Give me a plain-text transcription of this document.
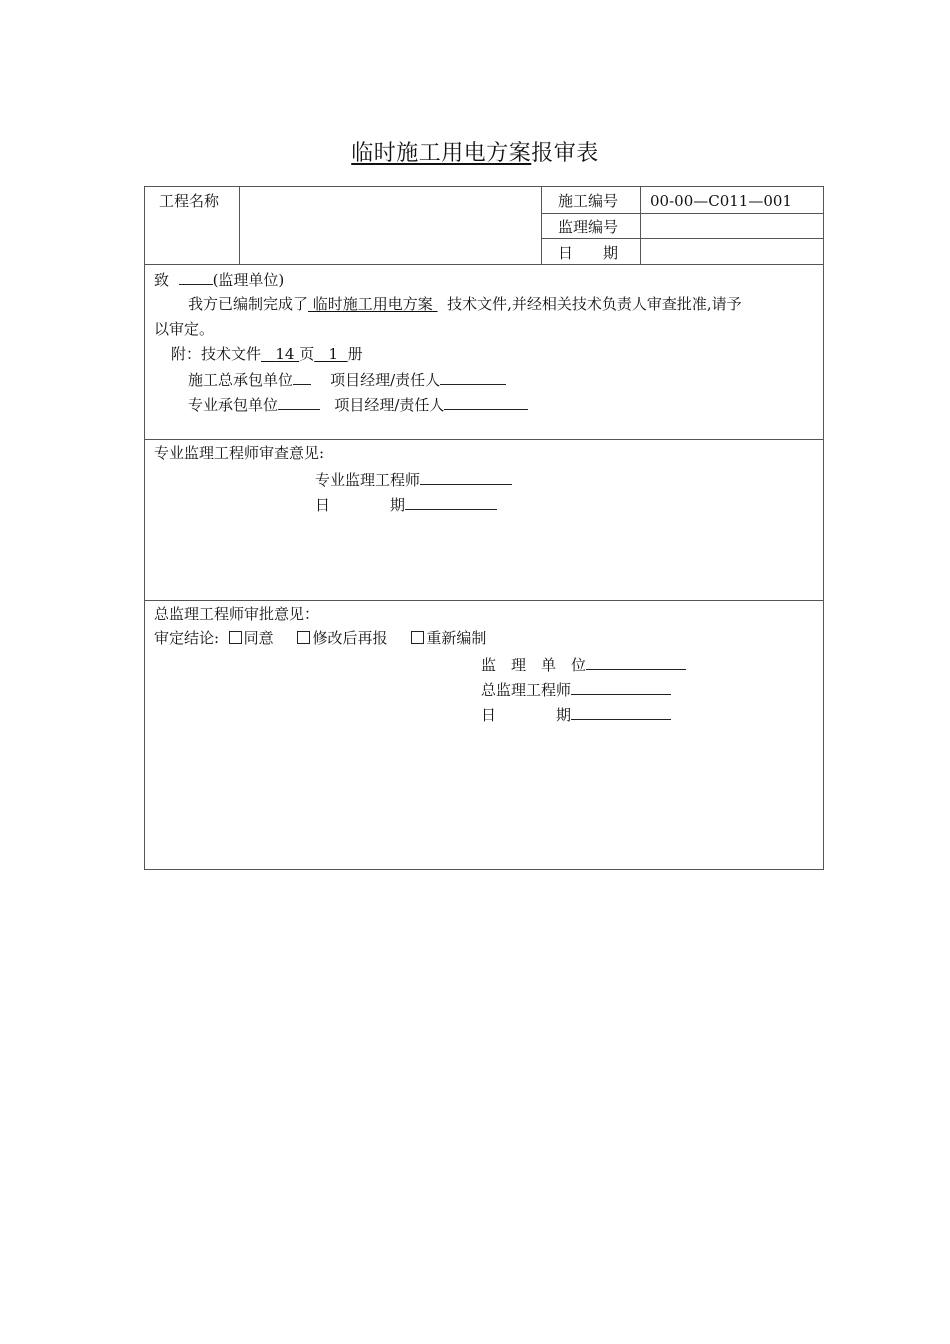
临时施工用电方案报审表
工程名称	施工编号 00-00—C011—001
监理编号
日　　期
致	(监理单位)
我方已编制完成了 临时施工用电方案   技术文件,并经相关技术负责人审查批准,请予
以审定。
附：技术文件 14 页 1 册
施工总承包单位 项目经理/责任人
专业承包单位	项目经理/责任人
专业监理工程师审查意见:
专业监理工程师
日　　　　期
总监理工程师审批意见：
审定结论: 同意	修改后再报	重新编制
监　理　单　位
总监理工程师
日　　　　期
